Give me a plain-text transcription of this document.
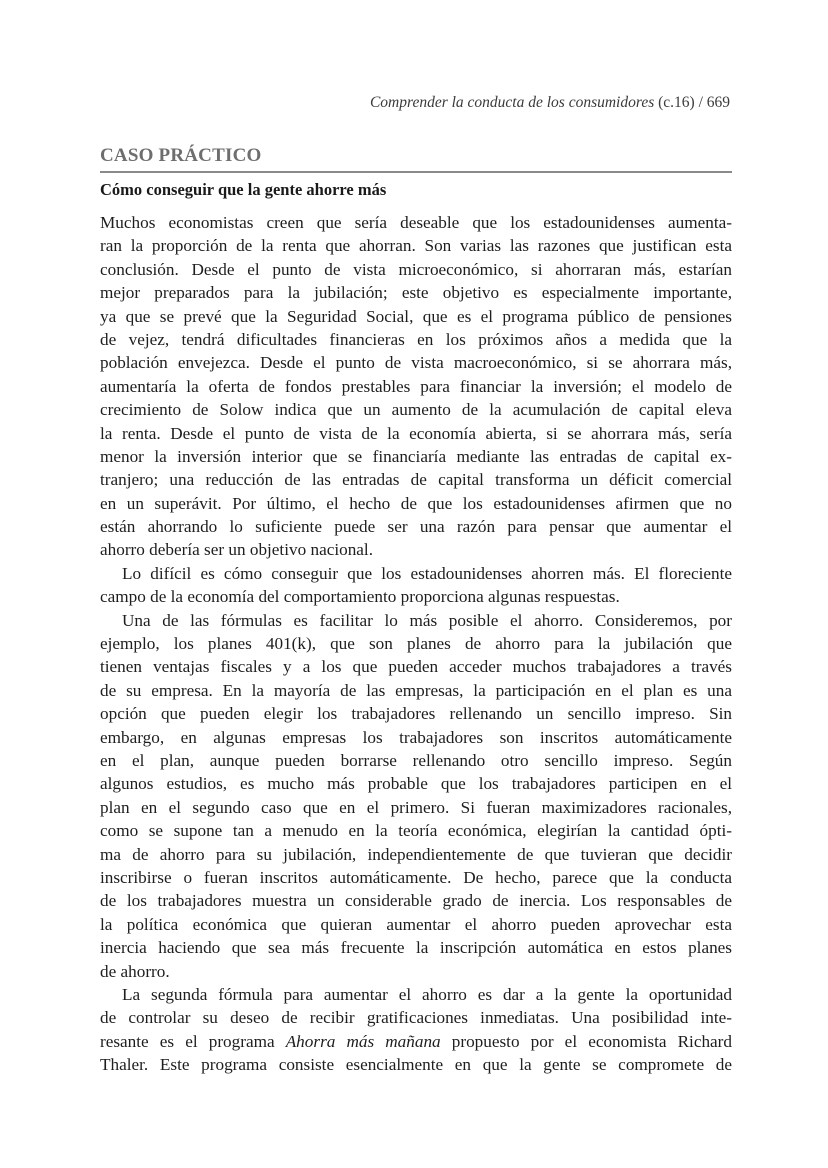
Comprender la conducta de los consumidores (c.16) / 669
CASO PRÁCTICO
Cómo conseguir que la gente ahorre más
Muchos economistas creen que sería deseable que los estadounidenses aumenta-
ran la proporción de la renta que ahorran. Son varias las razones que justifican esta
conclusión. Desde el punto de vista microeconómico, si ahorraran más, estarían
mejor preparados para la jubilación; este objetivo es especialmente importante,
ya que se prevé que la Seguridad Social, que es el programa público de pensiones
de vejez, tendrá dificultades financieras en los próximos años a medida que la
población envejezca. Desde el punto de vista macroeconómico, si se ahorrara más,
aumentaría la oferta de fondos prestables para financiar la inversión; el modelo de
crecimiento de Solow indica que un aumento de la acumulación de capital eleva
la renta. Desde el punto de vista de la economía abierta, si se ahorrara más, sería
menor la inversión interior que se financiaría mediante las entradas de capital ex-
tranjero; una reducción de las entradas de capital transforma un déficit comercial
en un superávit. Por último, el hecho de que los estadounidenses afirmen que no
están ahorrando lo suficiente puede ser una razón para pensar que aumentar el
ahorro debería ser un objetivo nacional.
Lo difícil es cómo conseguir que los estadounidenses ahorren más. El floreciente
campo de la economía del comportamiento proporciona algunas respuestas.
Una de las fórmulas es facilitar lo más posible el ahorro. Consideremos, por
ejemplo, los planes 401(k), que son planes de ahorro para la jubilación que
tienen ventajas fiscales y a los que pueden acceder muchos trabajadores a través
de su empresa. En la mayoría de las empresas, la participación en el plan es una
opción que pueden elegir los trabajadores rellenando un sencillo impreso. Sin
embargo, en algunas empresas los trabajadores son inscritos automáticamente
en el plan, aunque pueden borrarse rellenando otro sencillo impreso. Según
algunos estudios, es mucho más probable que los trabajadores participen en el
plan en el segundo caso que en el primero. Si fueran maximizadores racionales,
como se supone tan a menudo en la teoría económica, elegirían la cantidad ópti-
ma de ahorro para su jubilación, independientemente de que tuvieran que decidir
inscribirse o fueran inscritos automáticamente. De hecho, parece que la conducta
de los trabajadores muestra un considerable grado de inercia. Los responsables de
la política económica que quieran aumentar el ahorro pueden aprovechar esta
inercia haciendo que sea más frecuente la inscripción automática en estos planes
de ahorro.
La segunda fórmula para aumentar el ahorro es dar a la gente la oportunidad
de controlar su deseo de recibir gratificaciones inmediatas. Una posibilidad inte-
resante es el programa Ahorra más mañana propuesto por el economista Richard
Thaler. Este programa consiste esencialmente en que la gente se compromete de
